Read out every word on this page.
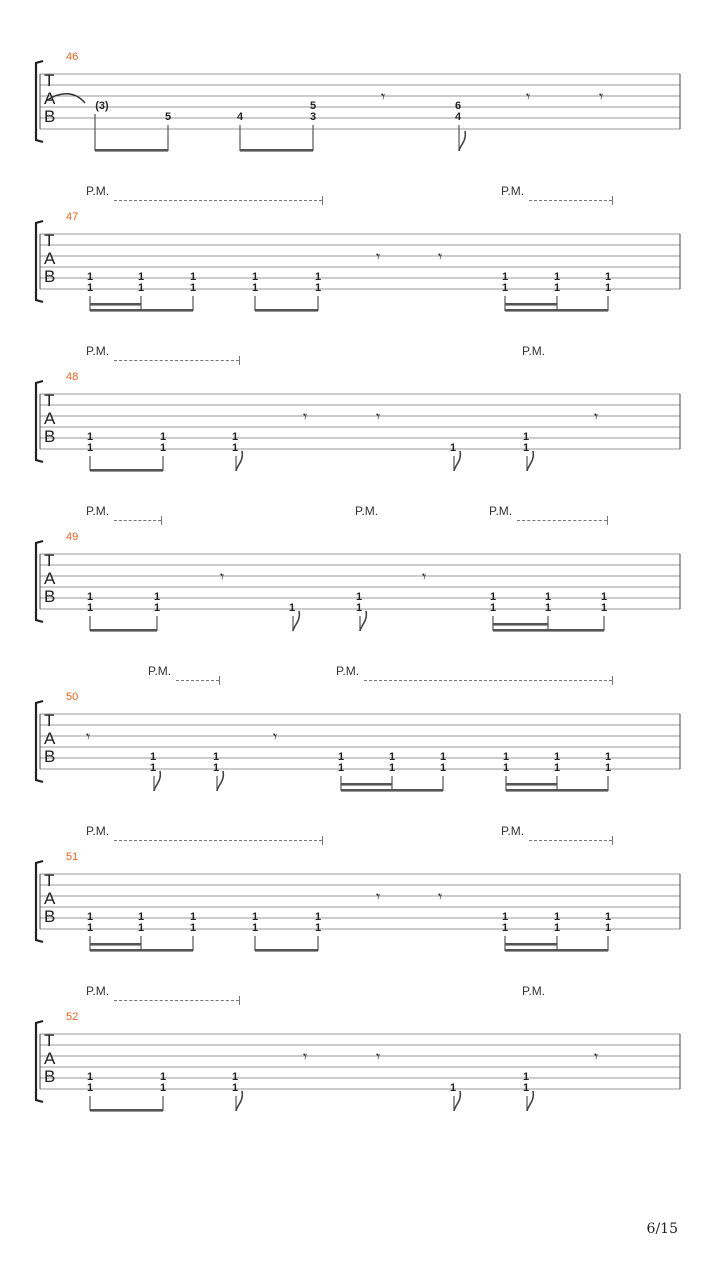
T
A
B
𝄾	𝄾	𝄾
46
(3)
5	4
5
3
6
4
T
A
B
𝄾	𝄾
47
P.M.	P.M.
1
1
1
1
1
1
1
1
1
1
1
1
1
1
1
1
T
A
B
𝄾	𝄾	𝄾
48
P.M.	P.M.
1
1
1
1
1
1	1
1
1
T
A
B
𝄾	𝄾
49
P.M.	P.M.	P.M.
1
1
1
1	1
1
1
1
1
1
1
1
1
T
A
B
𝄾	𝄾
50
P.M.	P.M.
1
1
1
1
1
1
1
1
1
1
1
1
1
1
1
1
T
A
B
𝄾	𝄾
51
P.M.	P.M.
1
1
1
1
1
1
1
1
1
1
1
1
1
1
1
1
T
A
B
𝄾	𝄾	𝄾
52
P.M.	P.M.
1
1
1
1
1
1	1
1
1
6/15
